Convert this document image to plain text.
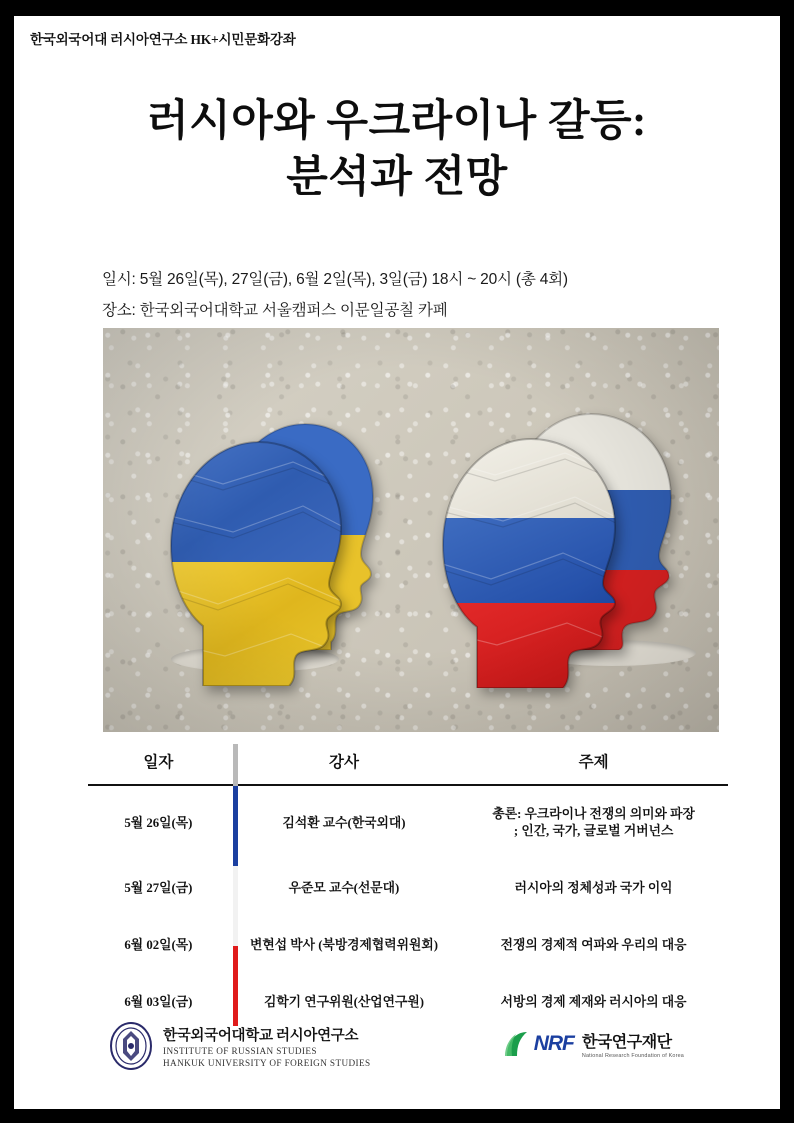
한국외국어대 러시아연구소 HK+시민문화강좌
러시아와 우크라이나 갈등:
분석과 전망
일시: 5월 26일(목), 27일(금), 6월 2일(목), 3일(금) 18시 ~ 20시 (총 4회)
장소: 한국외국어대학교 서울캠퍼스 이문일공칠 카페
일자	강사	주제
5월 26일(목)	김석환 교수(한국외대)	총론: 우크라이나 전쟁의 의미와 파장
; 인간, 국가, 글로벌 거버넌스

5월 27일(금)	우준모 교수(선문대)	러시아의 정체성과 국가 이익
6월 02일(목)	변현섭 박사 (북방경제협력위원회)	전쟁의 경제적 여파와 우리의 대응
6월 03일(금)	김학기 연구위원(산업연구원)	서방의 경제 제재와 러시아의 대응
한국외국어대학교 러시아연구소
INSTITUTE OF RUSSIAN STUDIES
HANKUK UNIVERSITY OF FOREIGN STUDIES
NRF 한국연구재단
National Research Foundation of Korea
